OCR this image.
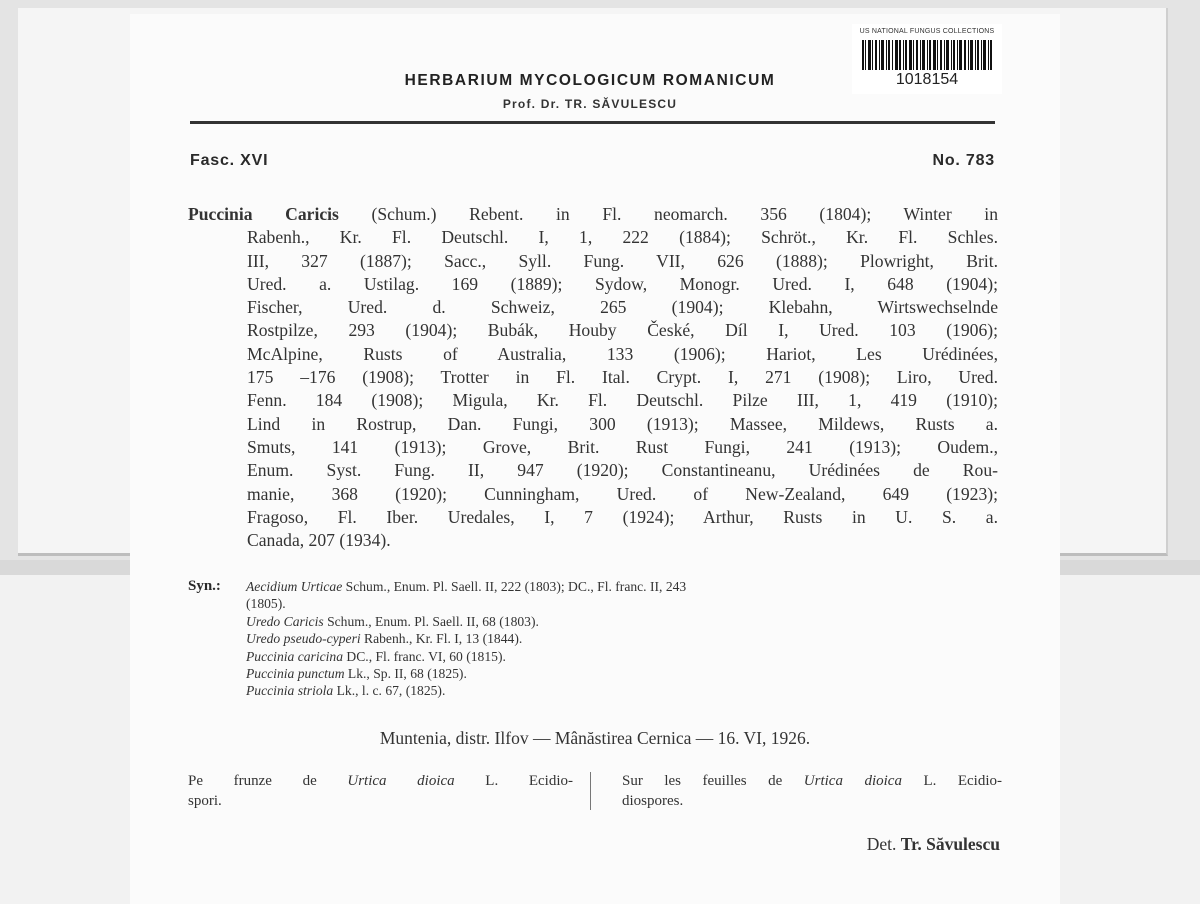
US NATIONAL FUNGUS COLLECTIONS
1018154
HERBARIUM MYCOLOGICUM ROMANICUM
Prof. Dr. TR. SĂVULESCU
Fasc. XVI	No. 783
Puccinia Caricis (Schum.) Rebent. in Fl. neomarch. 356 (1804); Winter in
Rabenh., Kr. Fl. Deutschl. I, 1, 222 (1884); Schröt., Kr. Fl. Schles.
III, 327 (1887); Sacc., Syll. Fung. VII, 626 (1888); Plowright, Brit.
Ured. a. Ustilag. 169 (1889); Sydow, Monogr. Ured. I, 648 (1904);
Fischer, Ured. d. Schweiz, 265 (1904); Klebahn, Wirtswechselnde
Rostpilze, 293 (1904); Bubák, Houby České, Díl I, Ured. 103 (1906);
McAlpine, Rusts of Australia, 133 (1906); Hariot, Les Urédinées,
175 –176 (1908); Trotter in Fl. Ital. Crypt. I, 271 (1908); Liro, Ured.
Fenn. 184 (1908); Migula, Kr. Fl. Deutschl. Pilze III, 1, 419 (1910);
Lind in Rostrup, Dan. Fungi, 300 (1913); Massee, Mildews, Rusts a.
Smuts, 141 (1913); Grove, Brit. Rust Fungi, 241 (1913); Oudem.,
Enum. Syst. Fung. II, 947 (1920); Constantineanu, Urédinées de Rou-
manie, 368 (1920); Cunningham, Ured. of New-Zealand, 649 (1923);
Fragoso, Fl. Iber. Uredales, I, 7 (1924); Arthur, Rusts in U. S. a.
Canada, 207 (1934).
Syn.: Aecidium Urticae Schum., Enum. Pl. Saell. II, 222 (1803); DC., Fl. franc. II, 243
(1805).
Uredo Caricis Schum., Enum. Pl. Saell. II, 68 (1803).
Uredo pseudo-cyperi Rabenh., Kr. Fl. I, 13 (1844).
Puccinia caricina DC., Fl. franc. VI, 60 (1815).
Puccinia punctum Lk., Sp. II, 68 (1825).
Puccinia striola Lk., l. c. 67, (1825).
Muntenia, distr. Ilfov — Mânăstirea Cernica — 16. VI, 1926.
Pe frunze de Urtica dioica L. Ecidio-
spori.
Sur les feuilles de Urtica dioica L. Ecidio-
diospores.
Det. Tr. Săvulescu
